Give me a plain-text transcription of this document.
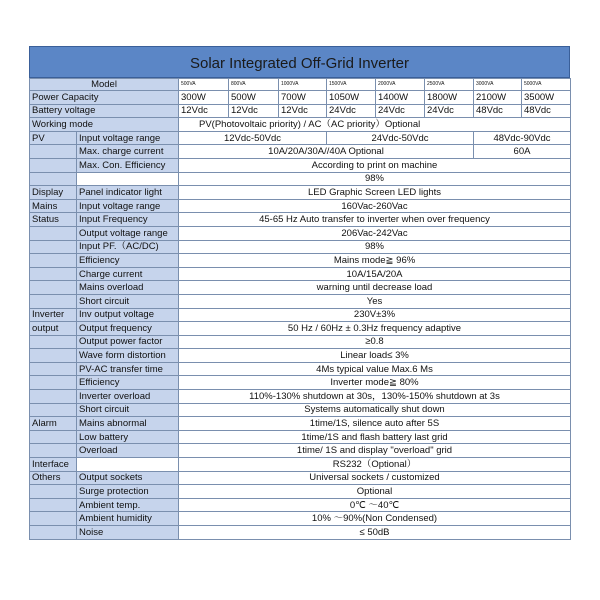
Solar Integrated Off-Grid Inverter
Model		500VA	800VA	1000VA	1500VA	2000VA	2500VA	3000VA	5000VA
Power Capacity		300W	500W	700W	1050W	1400W	1800W	2100W	3500W
Battery voltage		12Vdc	12Vdc	12Vdc	24Vdc	24Vdc	24Vdc	48Vdc	48Vdc
Working mode		PV(Photovoltaic priority) / AC（AC priority）Optional							
PV	Input voltage range	12Vdc-50Vdc			24Vdc-50Vdc			48Vdc-90Vdc	
	Max. charge current	10A/20A/30A//40A Optional						60A	
	Max. Con. Efficiency	According to print on machine							
		98%							
Display	Panel indicator light	LED Graphic Screen LED lights							
Mains	Input voltage range	160Vac-260Vac							
Status	Input Frequency	45-65 Hz Auto transfer to inverter when over frequency							
	Output voltage range	206Vac-242Vac							
	Input PF.（AC/DC)	98%							
	Efficiency	Mains mode≧ 96%							
	Charge current	10A/15A/20A							
	Mains overload	warning until decrease load							
	Short circuit	Yes							
Inverter	Inv output voltage	230V±3%							
output	Output frequency	50 Hz / 60Hz ± 0.3Hz frequency adaptive							
	Output power factor	≥0.8							
	Wave form distortion	Linear load≤ 3%							
	PV-AC transfer time	4Ms typical value Max.6 Ms							
	Efficiency	Inverter mode≧ 80%							
	Inverter overload	110%-130% shutdown at 30s，130%-150% shutdown at 3s							
	Short circuit	Systems automatically shut down							
Alarm	Mains abnormal	1time/1S, silence auto after 5S							
	Low battery	1time/1S and flash battery last grid							
	Overload	1time/ 1S and display "overload" grid							
Interface		RS232（Optional）							
Others	Output sockets	Universal sockets / customized							
	Surge protection	Optional							
	Ambient temp.	0℃ 〜40℃							
	Ambient humidity	10% ～90%(Non Condensed)							
	Noise	≤ 50dB							
